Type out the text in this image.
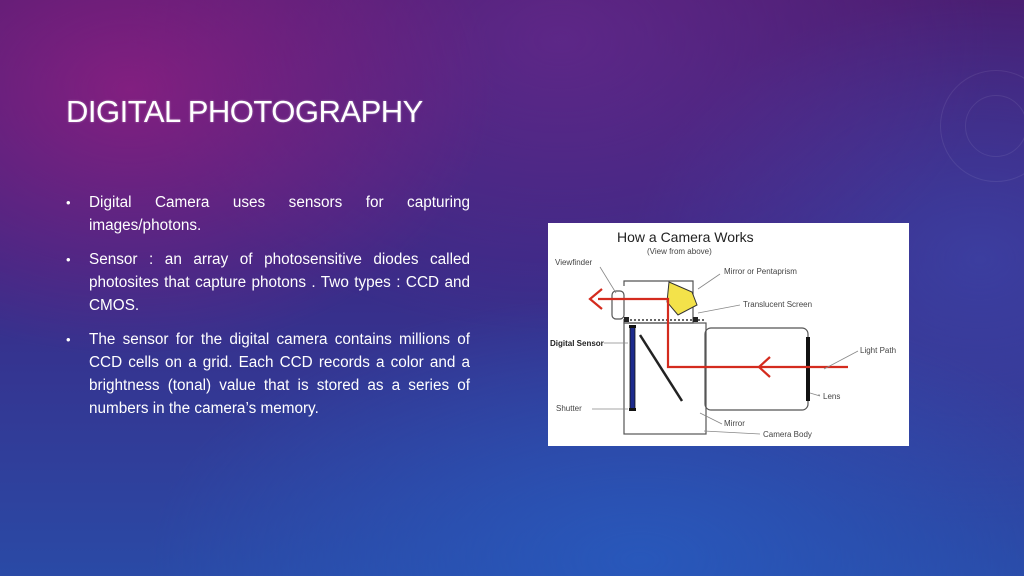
DIGITAL PHOTOGRAPHY
• Digital Camera uses sensors for capturing images/photons.
• Sensor : an array of photosensitive diodes called photosites that capture photons . Two types : CCD and CMOS.
• The sensor for the digital camera contains millions of CCD cells on a grid. Each CCD records a color and a brightness (tonal) value that is stored as a series of numbers in the camera’s memory.
How a Camera Works
(View from above)
Viewfinder
Mirror or Pentaprism
Translucent Screen
Digital Sensor
Light Path
Shutter
Lens
Mirror
Camera Body
